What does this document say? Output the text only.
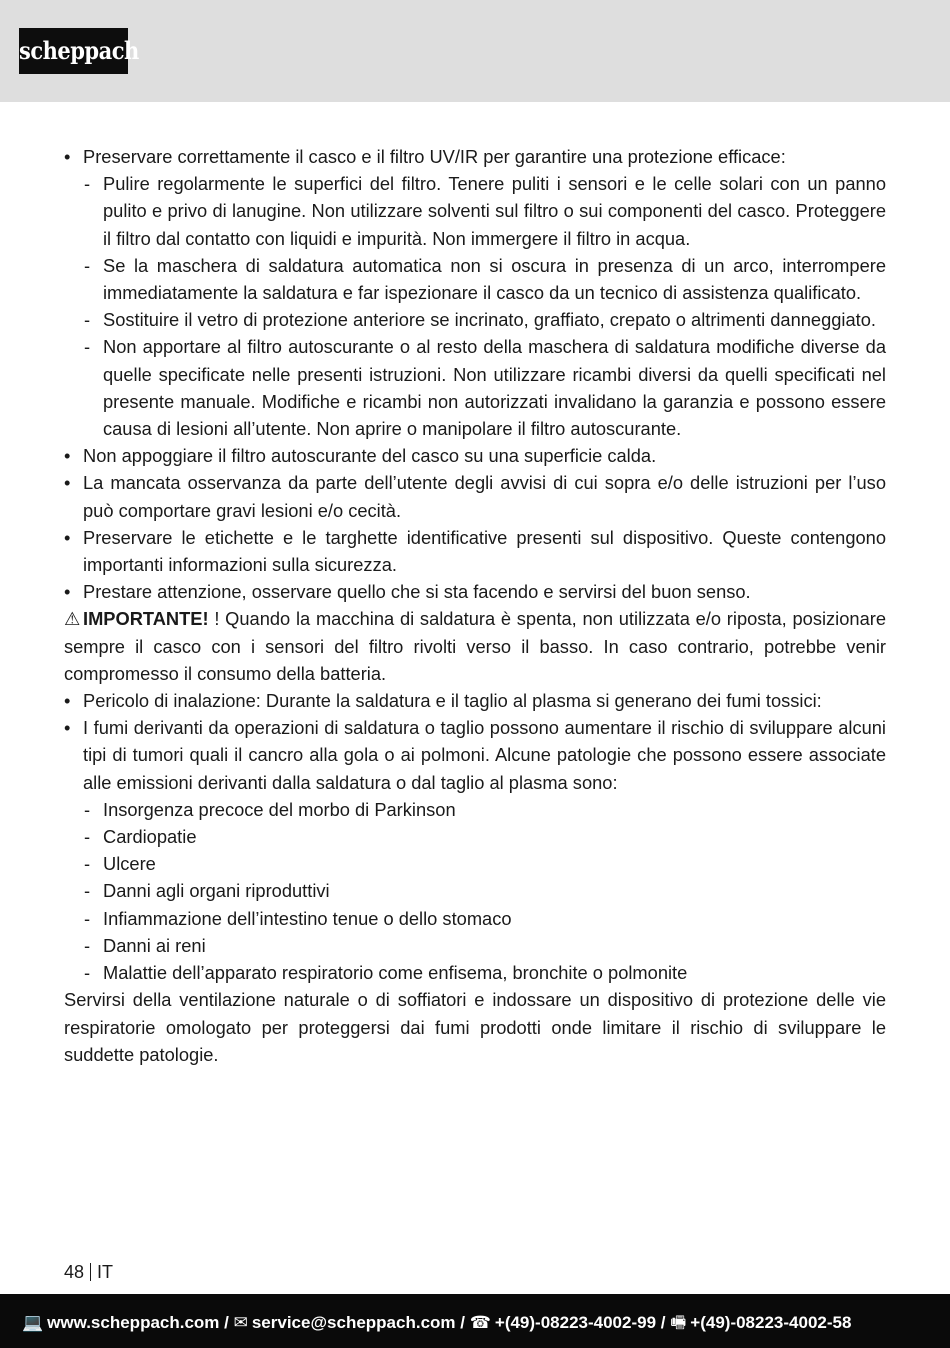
scheppach
• Preservare correttamente il casco e il filtro UV/IR per garantire una protezione efficace:
- Pulire regolarmente le superfici del filtro. Tenere puliti i sensori e le celle solari con un panno pulito e privo di lanugine. Non utilizzare solventi sul filtro o sui componenti del casco. Proteggere il filtro dal contatto con liquidi e impurità. Non immergere il filtro in acqua.
- Se la maschera di saldatura automatica non si oscura in presenza di un arco, interrompere immediatamente la saldatura e far ispezionare il casco da un tecnico di assistenza qualificato.
- Sostituire il vetro di protezione anteriore se incrinato, graffiato, crepato o altrimenti danneggiato.
- Non apportare al filtro autoscurante o al resto della maschera di saldatura modifiche diverse da quelle specificate nelle presenti istruzioni. Non utilizzare ricambi diversi da quelli specificati nel presente manuale. Modifiche e ricambi non autorizzati invalidano la garanzia e possono essere causa di lesioni all’utente. Non aprire o manipolare il filtro autoscurante.
• Non appoggiare il filtro autoscurante del casco su una superficie calda.
• La mancata osservanza da parte dell’utente degli avvisi di cui sopra e/o delle istruzioni per l’uso può comportare gravi lesioni e/o cecità.
• Preservare le etichette e le targhette identificative presenti sul dispositivo. Queste contengono importanti informazioni sulla sicurezza.
• Prestare attenzione, osservare quello che si sta facendo e servirsi del buon senso.
⚠ IMPORTANTE! ! Quando la macchina di saldatura è spenta, non utilizzata e/o riposta, posizionare sempre il casco con i sensori del filtro rivolti verso il basso. In caso contrario, potrebbe venir compromesso il consumo della batteria.
• Pericolo di inalazione: Durante la saldatura e il taglio al plasma si generano dei fumi tossici:
• I fumi derivanti da operazioni di saldatura o taglio possono aumentare il rischio di sviluppare alcuni tipi di tumori quali il cancro alla gola o ai polmoni. Alcune patologie che possono essere associate alle emissioni derivanti dalla saldatura o dal taglio al plasma sono:
- Insorgenza precoce del morbo di Parkinson
- Cardiopatie
- Ulcere
- Danni agli organi riproduttivi
- Infiammazione dell’intestino tenue o dello stomaco
- Danni ai reni
- Malattie dell’apparato respiratorio come enfisema, bronchite o polmonite
Servirsi della ventilazione naturale o di soffiatori e indossare un dispositivo di protezione delle vie respiratorie omologato per proteggersi dai fumi prodotti onde limitare il rischio di sviluppare le suddette patologie.
48 IT
💻 www.scheppach.com / ✉ service@scheppach.com / ☎ +(49)-08223-4002-99 / 🖷 +(49)-08223-4002-58
